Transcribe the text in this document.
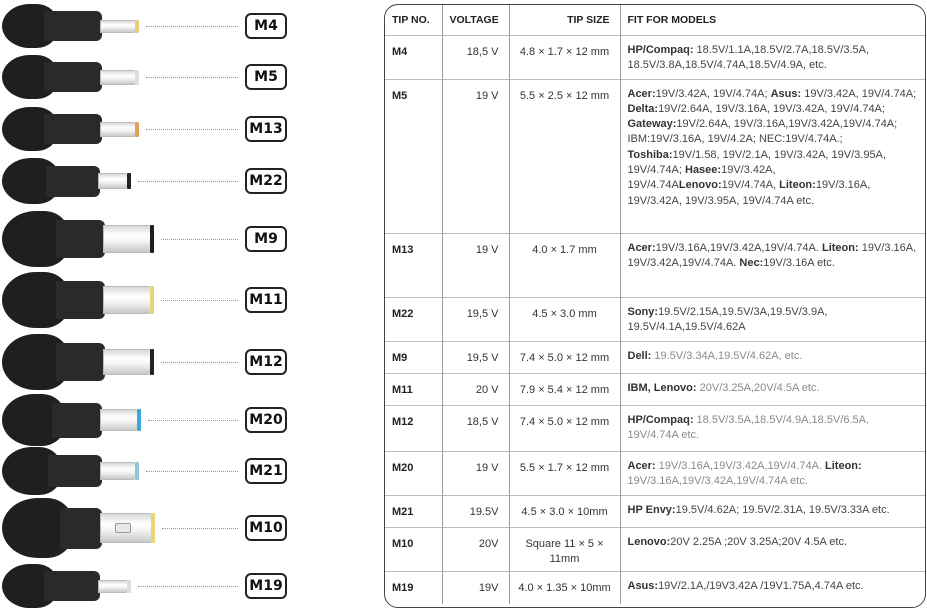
M4
M5
M13
M22
M9
M11
M12
M20
M21
M10
M19
TIP NO.	VOLTAGE	TIP SIZE	FIT FOR MODELS
M4	18,5 V	4.8 × 1.7 × 12 mm	HP/Compaq: 18.5V/1.1A,18.5V/2.7A,18.5V/3.5A, 18.5V/3.8A,18.5V/4.74A,18.5V/4.9A, etc.
M5	19 V	5.5 × 2.5 × 12 mm	Acer:19V/3.42A, 19V/4.74A; Asus: 19V/3.42A, 19V/4.74A; Delta:19V/2.64A, 19V/3.16A, 19V/3.42A, 19V/4.74A; Gateway:19V/2.64A, 19V/3.16A,19V/3.42A,19V/4.74A; IBM:19V/3.16A, 19V/4.2A; NEC:19V/4.74A.; Toshiba:19V/1.58, 19V/2.1A, 19V/3.42A, 19V/3.95A, 19V/4.74A; Hasee:19V/3.42A, 19V/4.74ALenovo:19V/4.74A, Liteon:19V/3.16A, 19V/3.42A, 19V/3.95A, 19V/4.74A etc.
M13	19 V	4.0 × 1.7 mm	Acer:19V/3.16A,19V/3.42A,19V/4.74A. Liteon: 19V/3.16A, 19V/3.42A,19V/4.74A. Nec:19V/3.16A etc.
M22	19,5 V	4.5 × 3.0 mm	Sony:19.5V/2.15A,19.5V/3A,19.5V/3.9A, 19.5V/4.1A,19.5V/4.62A
M9	19,5 V	7.4 × 5.0 × 12 mm	Dell: 19.5V/3.34A,19.5V/4.62A, etc.
M11	20 V	7.9 × 5.4 × 12 mm	IBM, Lenovo: 20V/3.25A,20V/4.5A etc.
M12	18,5 V	7.4 × 5.0 × 12 mm	HP/Compaq: 18.5V/3.5A,18.5V/4.9A,18.5V/6.5A, 19V/4.74A etc.
M20	19 V	5.5 × 1.7 × 12 mm	Acer: 19V/3.16A,19V/3.42A,19V/4.74A. Liteon: 19V/3.16A,19V/3.42A,19V/4.74A etc.
M21	19.5V	4.5 × 3.0 × 10mm	HP Envy:19.5V/4.62A; 19.5V/2.31A, 19.5V/3.33A etc.
M10	20V	Square 11 × 5 × 11mm	Lenovo:20V 2.25A ;20V 3.25A;20V 4.5A etc.
M19	19V	4.0 × 1.35 × 10mm	Asus:19V/2.1A,/19V3.42A /19V1.75A,4.74A etc.
